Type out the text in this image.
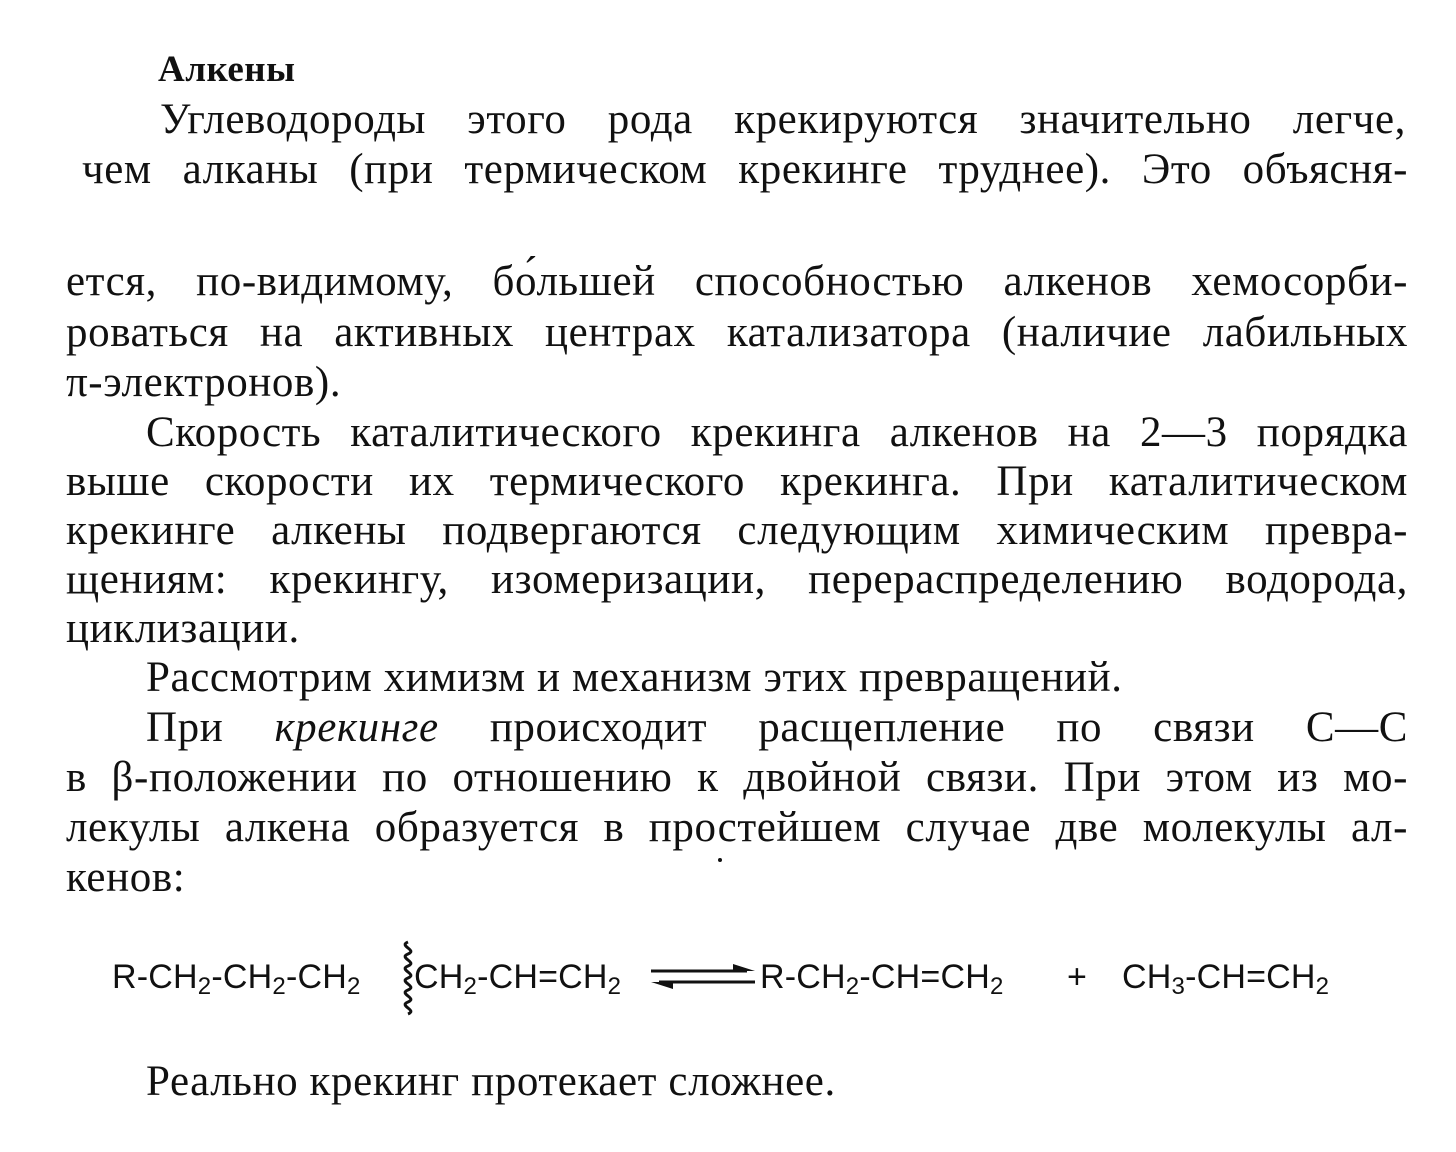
Алкены
Углеводороды этого рода крекируются значительно легче,
чем алканы (при термическом крекинге труднее). Это объясня-
ется, по-видимому, бо́льшей способностью алкенов хемосорби-
роваться на активных центрах катализатора (наличие лабильных
π-электронов).
Скорость каталитического крекинга алкенов на 2—3 порядка
выше скорости их термического крекинга. При каталитическом
крекинге алкены подвергаются следующим химическим превра-
щениям: крекингу, изомеризации, перераспределению водорода,
циклизации.
Рассмотрим химизм и механизм этих превращений.
При крекинге происходит расщепление по связи С—С
в β-положении по отношению к двойной связи. При этом из мо-
лекулы алкена образуется в простейшем случае две молекулы ал-
кенов:
$R-CH_2-CH_2-CH_2$ $CH_2-CH=CH_2$ ⇌ $R-CH_2-CH=CH_2 + CH_3-CH=CH_2$
Реально крекинг протекает сложнее.
